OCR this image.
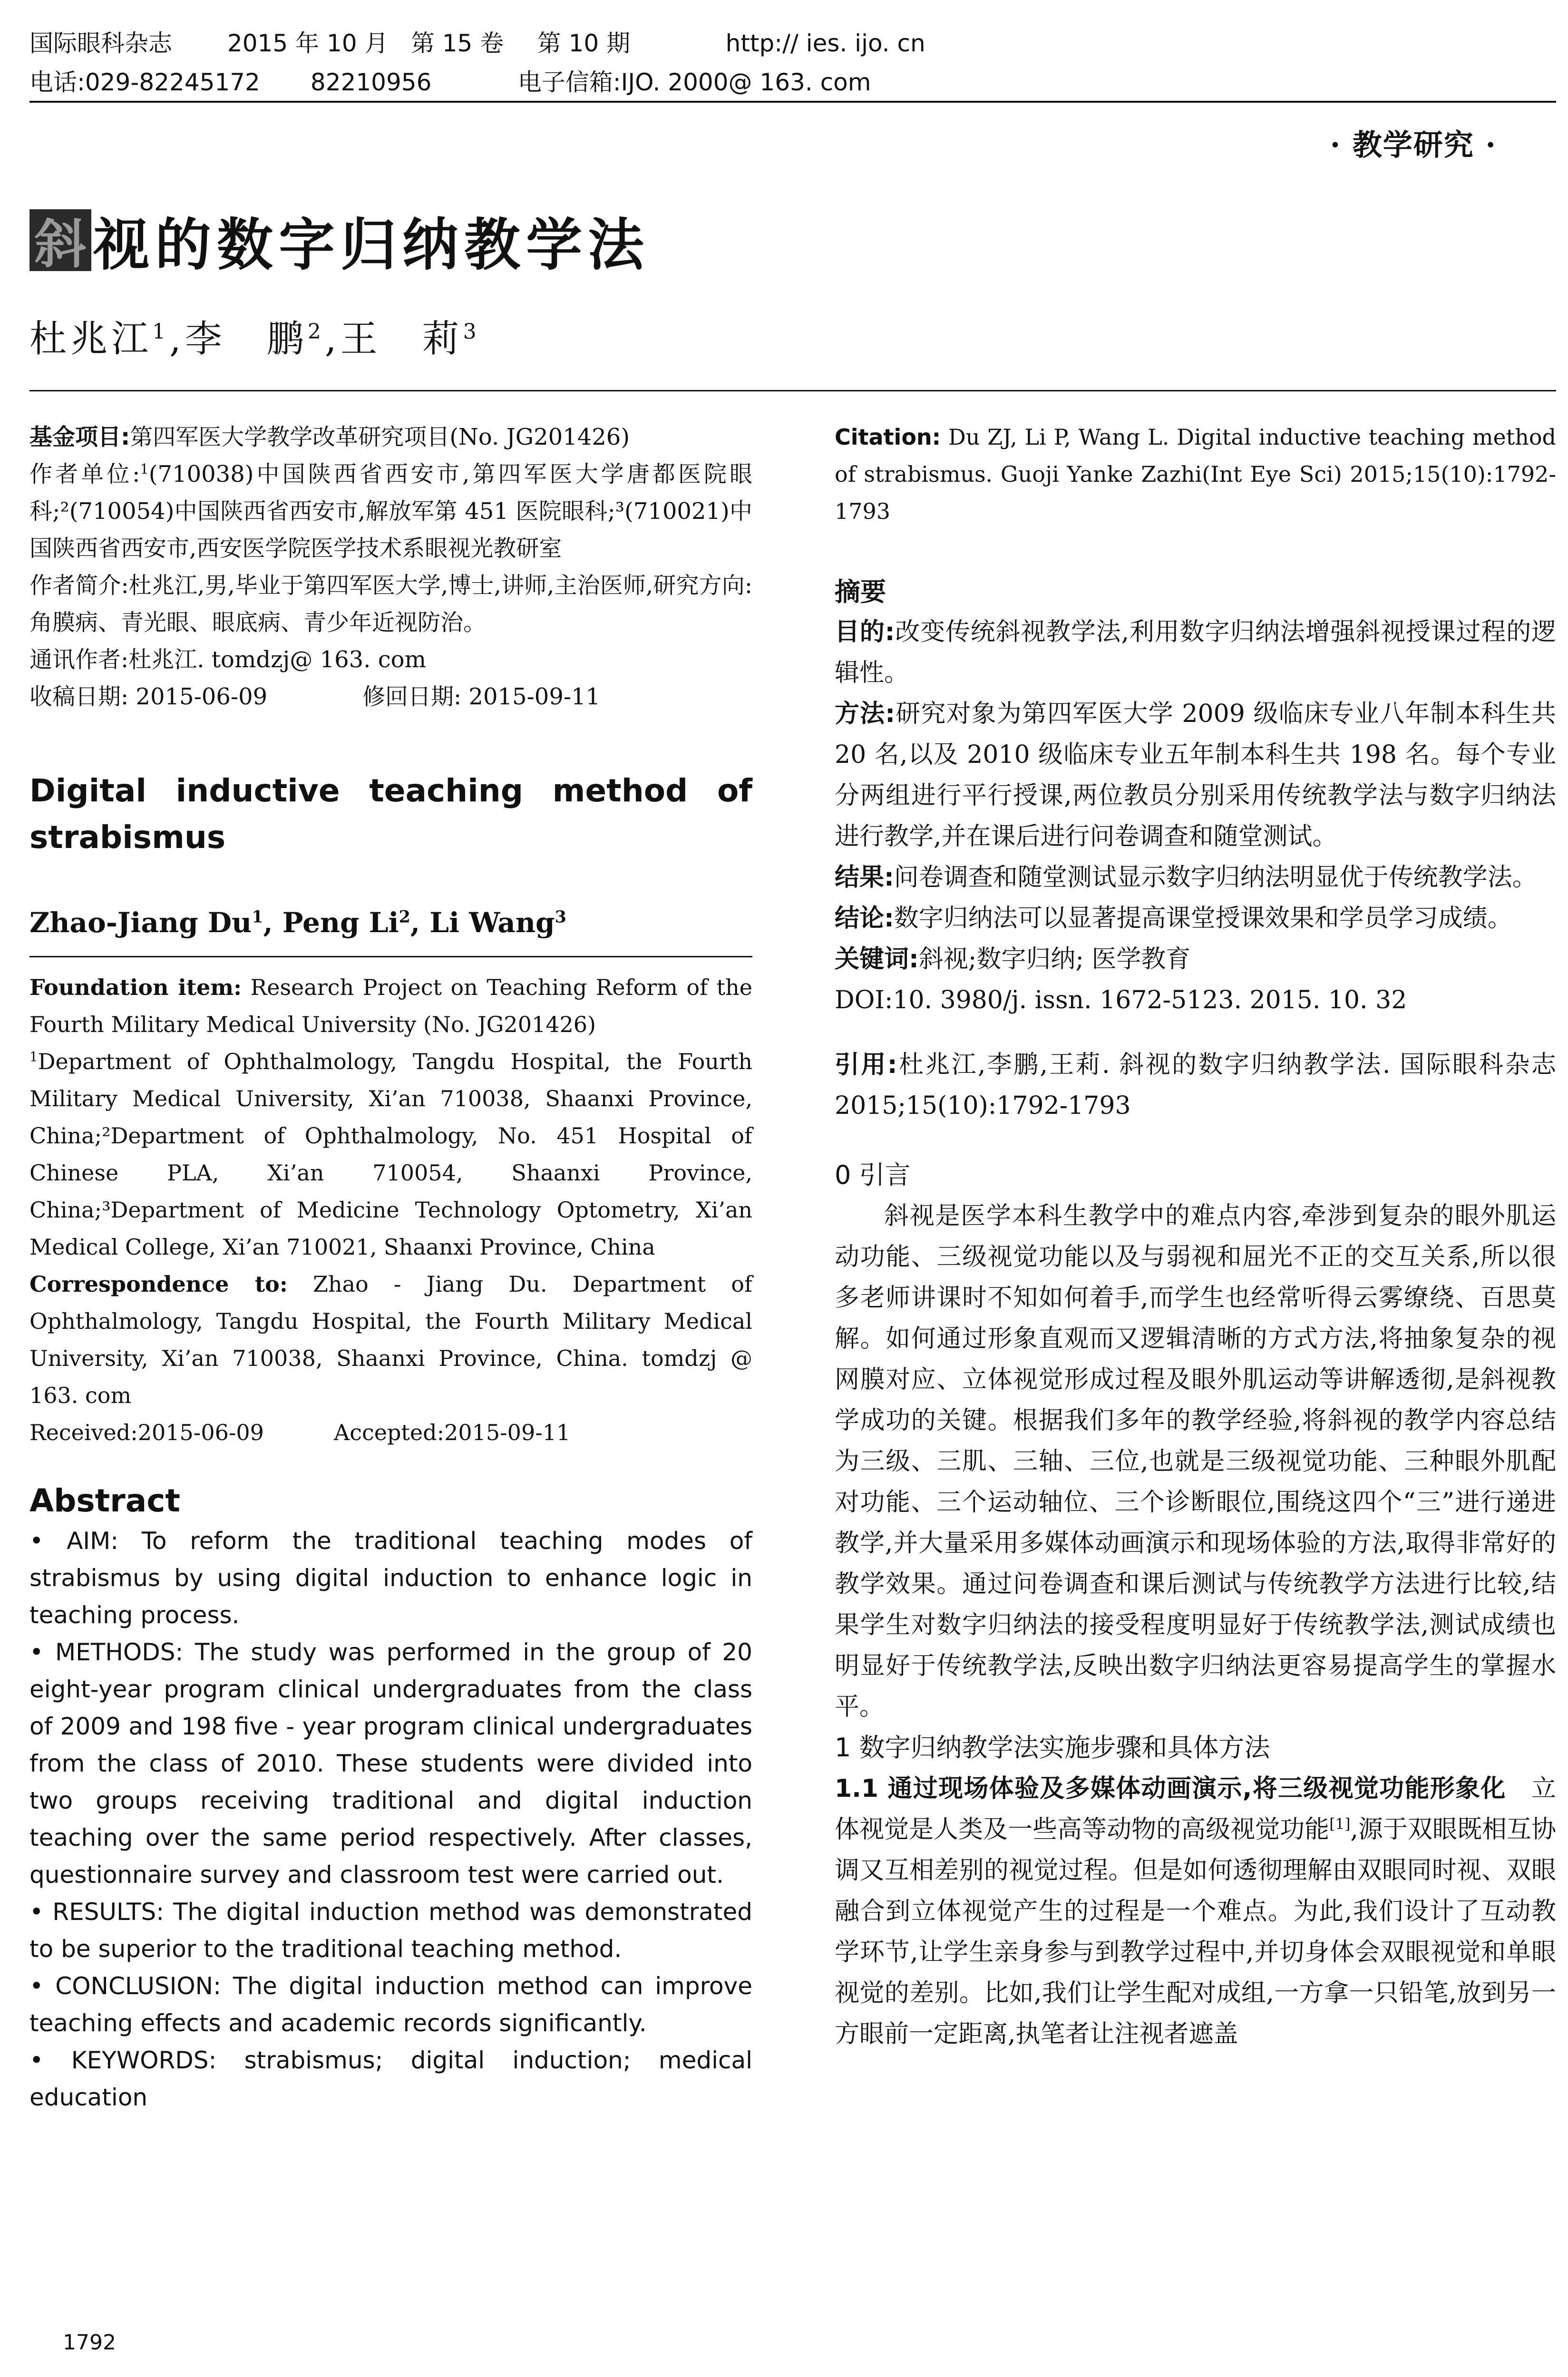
国际眼科杂志 2015 年 10 月 第 15 卷 第 10 期	http:// ies. ijo. cn
电话:029-82245172 82210956	电子信箱:IJO. 2000@ 163. com
· 教学研究 ·
斜 视的数字归纳教学法
杜兆江$^1$,李　鹏$^2$,王　莉$^3$

基金项目:第四军医大学教学改革研究项目(No. JG201426)

作者单位:$^1$(710038)中国陕西省西安市,第四军医大学唐都医院眼科;²(710054)中国陕西省西安市,解放军第 451 医院眼科;³(710021)中国陕西省西安市,西安医学院医学技术系眼视光教研室

作者简介:杜兆江,男,毕业于第四军医大学,博士,讲师,主治医师,研究方向:角膜病、青光眼、眼底病、青少年近视防治。

通讯作者:杜兆江. tomdzj@ 163. com

收稿日期: 2015-06-09	修回日期: 2015-09-11

Digital inductive teaching method of strabismus

Zhao-Jiang Du$^1$, Peng Li$^2$, Li Wang$^3$

Foundation item: Research Project on Teaching Reform of the Fourth Military Medical University (No. JG201426)

$^1$Department of Ophthalmology, Tangdu Hospital, the Fourth Military Medical University, Xi’an 710038, Shaanxi Province, China;²Department of Ophthalmology, No. 451 Hospital of Chinese PLA, Xi’an 710054, Shaanxi Province, China;³Department of Medicine Technology Optometry, Xi’an Medical College, Xi’an 710021, Shaanxi Province, China

Correspondence to: Zhao - Jiang Du. Department of Ophthalmology, Tangdu Hospital, the Fourth Military Medical University, Xi’an 710038, Shaanxi Province, China. tomdzj @ 163. com

Received:2015-06-09	Accepted:2015-09-11

Abstract

• AIM: To reform the traditional teaching modes of strabismus by using digital induction to enhance logic in teaching process.

• METHODS: The study was performed in the group of 20 eight-year program clinical undergraduates from the class of 2009 and 198 five - year program clinical undergraduates from the class of 2010. These students were divided into two groups receiving traditional and digital induction teaching over the same period respectively. After classes, questionnaire survey and classroom test were carried out.

• RESULTS: The digital induction method was demonstrated to be superior to the traditional teaching method.

• CONCLUSION: The digital induction method can improve teaching effects and academic records significantly.

• KEYWORDS: strabismus; digital induction; medical education

Citation: Du ZJ, Li P, Wang L. Digital inductive teaching method of strabismus. Guoji Yanke Zazhi(Int Eye Sci) 2015;15(10):1792-1793

摘要

目的:改变传统斜视教学法,利用数字归纳法增强斜视授课过程的逻辑性。

方法:研究对象为第四军医大学 2009 级临床专业八年制本科生共 20 名,以及 2010 级临床专业五年制本科生共 198 名。每个专业分两组进行平行授课,两位教员分别采用传统教学法与数字归纳法进行教学,并在课后进行问卷调查和随堂测试。

结果:问卷调查和随堂测试显示数字归纳法明显优于传统教学法。

结论:数字归纳法可以显著提高课堂授课效果和学员学习成绩。

关键词:斜视;数字归纳; 医学教育

DOI:10. 3980/j. issn. 1672-5123. 2015. 10. 32

引用:杜兆江,李鹏,王莉. 斜视的数字归纳教学法. 国际眼科杂志 2015;15(10):1792-1793

0 引言

斜视是医学本科生教学中的难点内容,牵涉到复杂的眼外肌运动功能、三级视觉功能以及与弱视和屈光不正的交互关系,所以很多老师讲课时不知如何着手,而学生也经常听得云雾缭绕、百思莫解。如何通过形象直观而又逻辑清晰的方式方法,将抽象复杂的视网膜对应、立体视觉形成过程及眼外肌运动等讲解透彻,是斜视教学成功的关键。根据我们多年的教学经验,将斜视的教学内容总结为三级、三肌、三轴、三位,也就是三级视觉功能、三种眼外肌配对功能、三个运动轴位、三个诊断眼位,围绕这四个“三”进行递进教学,并大量采用多媒体动画演示和现场体验的方法,取得非常好的教学效果。通过问卷调查和课后测试与传统教学方法进行比较,结果学生对数字归纳法的接受程度明显好于传统教学法,测试成绩也明显好于传统教学法,反映出数字归纳法更容易提高学生的掌握水平。

1 数字归纳教学法实施步骤和具体方法

1.1 通过现场体验及多媒体动画演示,将三级视觉功能形象化　 立体视觉是人类及一些高等动物的高级视觉功能[1],源于双眼既相互协调又互相差别的视觉过程。但是如何透彻理解由双眼同时视、双眼融合到立体视觉产生的过程是一个难点。为此,我们设计了互动教学环节,让学生亲身参与到教学过程中,并切身体会双眼视觉和单眼视觉的差别。比如,我们让学生配对成组,一方拿一只铅笔,放到另一方眼前一定距离,执笔者让注视者遮盖

1792
